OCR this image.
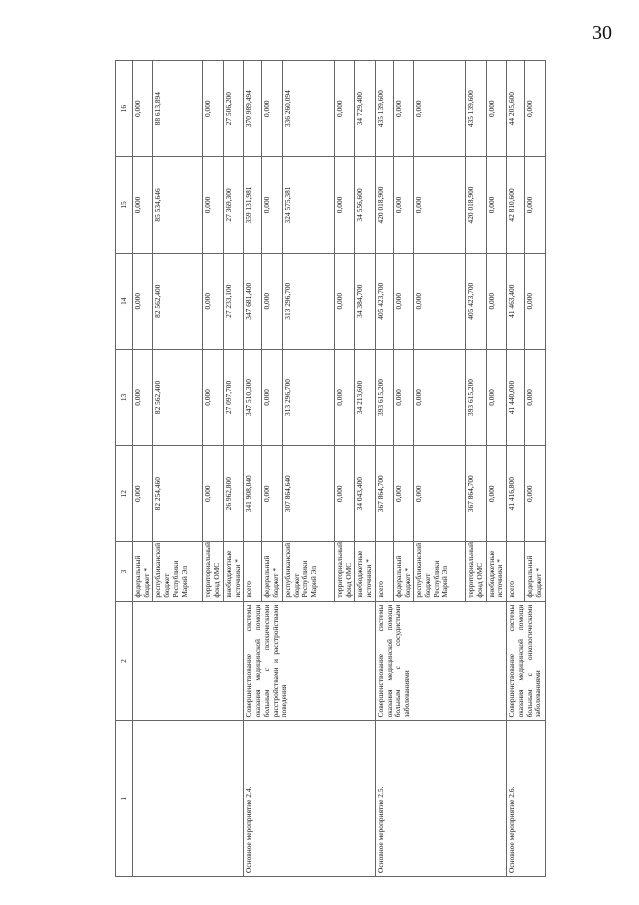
30
1	2	3	12	13	14	15	16
		федеральный бюджет *	0,000	0,000	0,000	0,000	0,000
		республиканский бюджет Республики Марий Эл	82 254,460	82 562,400	82 562,400	85 534,646	88 613,894
		территориальный фонд ОМС	0,000	0,000	0,000	0,000	0,000
		внебюджетные источники *	26 962,800	27 097,700	27 233,100	27 369,300	27 506,200
Основное мероприятие 2.4.	Совершенствование системы оказания медицинской помощи больным с психическими расстройствами и расстройствами поведения	всего	341 908,040	347 510,300	347 681,400	359 131,981	370 989,494
		федеральный бюджет *	0,000	0,000	0,000	0,000	0,000
		республиканский бюджет Республики Марий Эл	307 864,640	313 296,700	313 296,700	324 575,381	336 260,094
		территориальный фонд ОМС	0,000	0,000	0,000	0,000	0,000
		внебюджетные источники *	34 043,400	34 213,600	34 384,700	34 556,600	34 729,400
Основное мероприятие 2.5.	Совершенствование системы оказания медицинской помощи больным с сосудистыми заболеваниями	всего	367 864,700	393 615,200	405 423,700	420 018,900	435 139,600
		федеральный бюджет *	0,000	0,000	0,000	0,000	0,000
		республиканский бюджет Республики Марий Эл	0,000	0,000	0,000	0,000	0,000
		территориальный фонд ОМС	367 864,700	393 615,200	405 423,700	420 018,900	435 139,600
		внебюджетные источники *	0,000	0,000	0,000	0,000	0,000
Основное мероприятие 2.6.	Совершенствование системы оказания медицинской помощи больным с онкологическими заболеваниями	всего	41 416,800	41 440,000	41 463,400	42 810,600	44 205,600
		федеральный бюджет *	0,000	0,000	0,000	0,000	0,000
